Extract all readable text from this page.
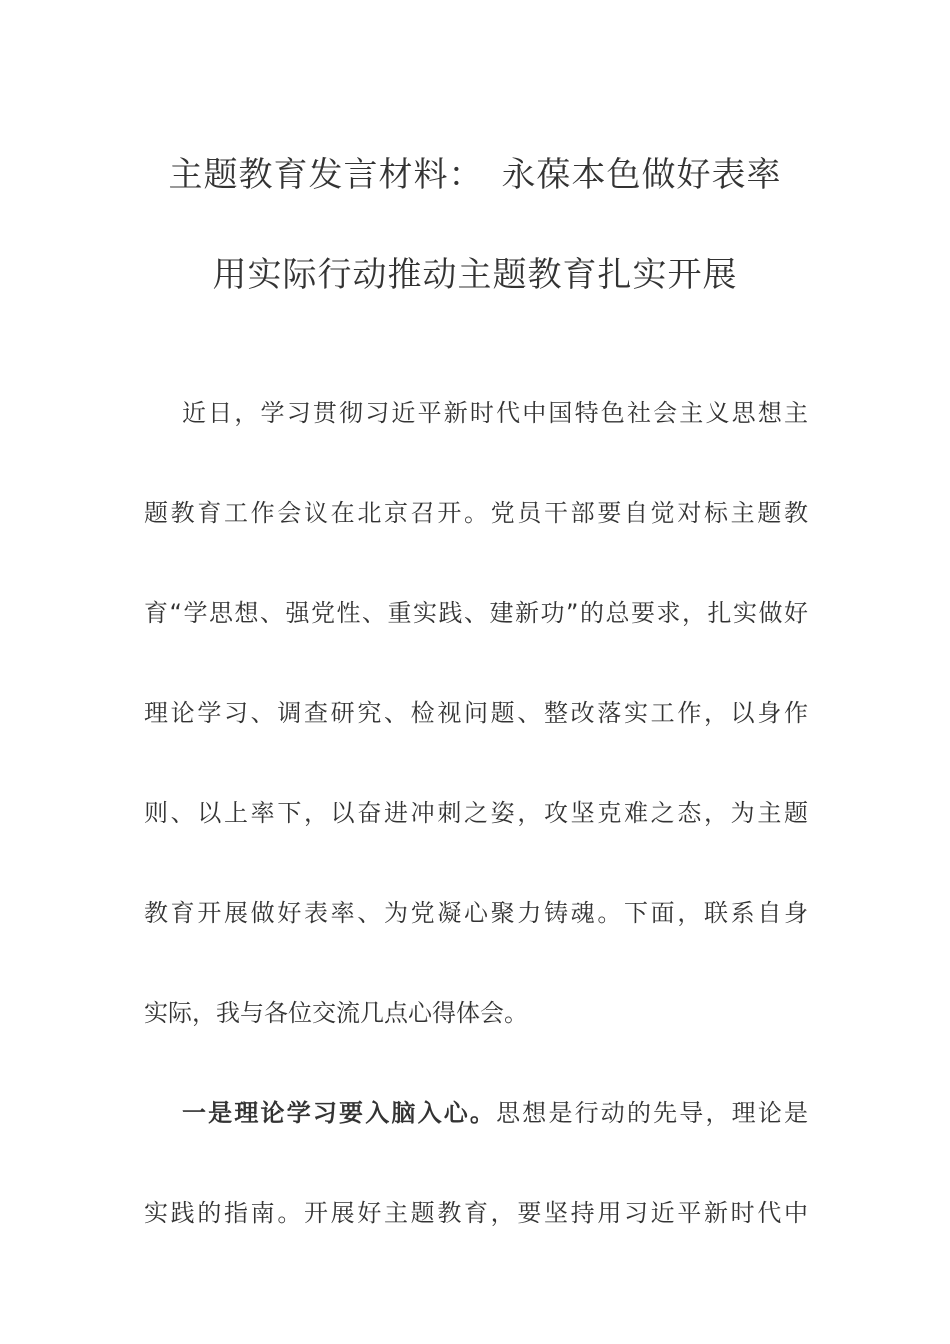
主题教育发言材料：　永葆本色做好表率
用实际行动推动主题教育扎实开展
近日，学习贯彻习近平新时代中国特色社会主义思想主
题教育工作会议在北京召开。党员干部要自觉对标主题教
育“学思想、强党性、重实践、建新功”的总要求，扎实做好
理论学习、调查研究、检视问题、整改落实工作，以身作
则、以上率下，以奋进冲刺之姿，攻坚克难之态，为主题
教育开展做好表率、为党凝心聚力铸魂。下面，联系自身
实际，我与各位交流几点心得体会。
一是理论学习要入脑入心。思想是行动的先导，理论是
实践的指南。开展好主题教育，要坚持用习近平新时代中
